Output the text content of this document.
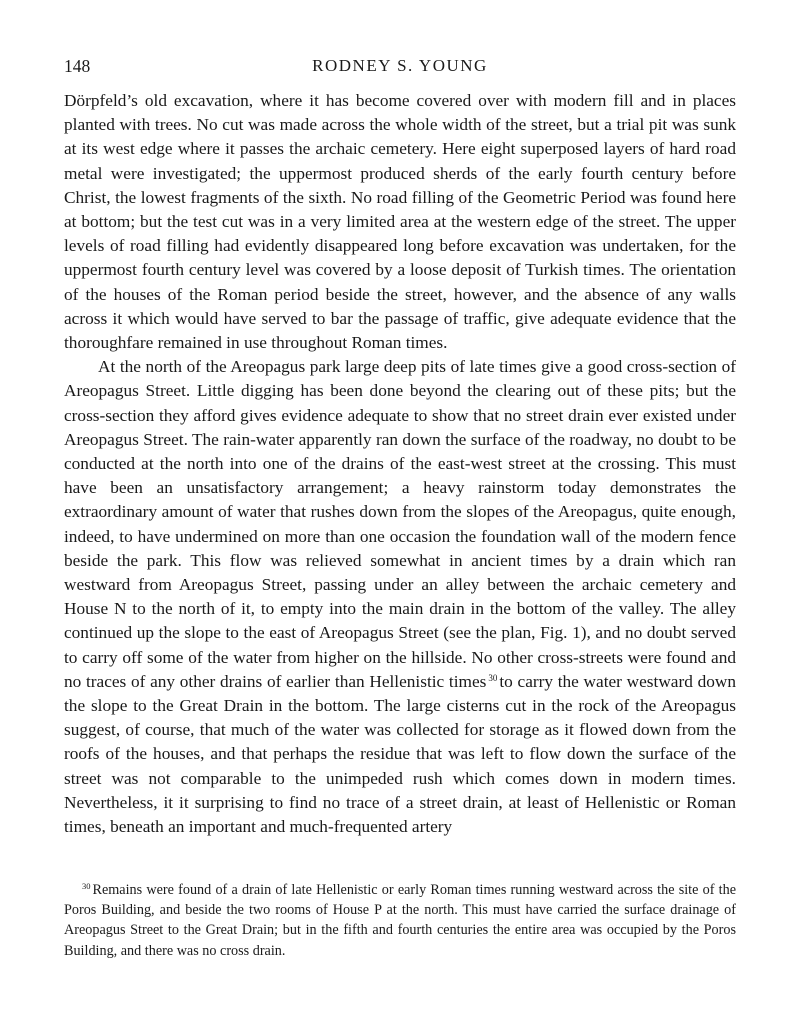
148	RODNEY S. YOUNG

Dörpfeld’s old excavation, where it has become covered over with modern fill and in places planted with trees. No cut was made across the whole width of the street, but a trial pit was sunk at its west edge where it passes the archaic cemetery. Here eight superposed layers of hard road metal were investigated; the uppermost produced sherds of the early fourth century before Christ, the lowest fragments of the sixth. No road filling of the Geometric Period was found here at bottom; but the test cut was in a very limited area at the western edge of the street. The upper levels of road filling had evidently disappeared long before excavation was undertaken, for the uppermost fourth century level was covered by a loose deposit of Turkish times. The orientation of the houses of the Roman period beside the street, however, and the absence of any walls across it which would have served to bar the passage of traffic, give adequate evidence that the thoroughfare remained in use throughout Roman times.

At the north of the Areopagus park large deep pits of late times give a good cross-section of Areopagus Street. Little digging has been done beyond the clearing out of these pits; but the cross-section they afford gives evidence adequate to show that no street drain ever existed under Areopagus Street. The rain-water apparently ran down the surface of the roadway, no doubt to be conducted at the north into one of the drains of the east-west street at the crossing. This must have been an unsatisfactory arrangement; a heavy rainstorm today demonstrates the extraordinary amount of water that rushes down from the slopes of the Areopagus, quite enough, indeed, to have undermined on more than one occasion the foundation wall of the modern fence beside the park. This flow was relieved somewhat in ancient times by a drain which ran westward from Areopagus Street, passing under an alley between the archaic cemetery and House N to the north of it, to empty into the main drain in the bottom of the valley. The alley continued up the slope to the east of Areopagus Street (see the plan, Fig. 1), and no doubt served to carry off some of the water from higher on the hillside. No other cross-streets were found and no traces of any other drains of earlier than Hellenistic times $^{30}$ to carry the water westward down the slope to the Great Drain in the bottom. The large cisterns cut in the rock of the Areopagus suggest, of course, that much of the water was collected for storage as it flowed down from the roofs of the houses, and that perhaps the residue that was left to flow down the surface of the street was not comparable to the unimpeded rush which comes down in modern times. Nevertheless, it it surprising to find no trace of a street drain, at least of Hellenistic or Roman times, beneath an important and much-frequented artery

$^{30}$ Remains were found of a drain of late Hellenistic or early Roman times running westward across the site of the Poros Building, and beside the two rooms of House P at the north. This must have carried the surface drainage of Areopagus Street to the Great Drain; but in the fifth and fourth centuries the entire area was occupied by the Poros Building, and there was no cross drain.
